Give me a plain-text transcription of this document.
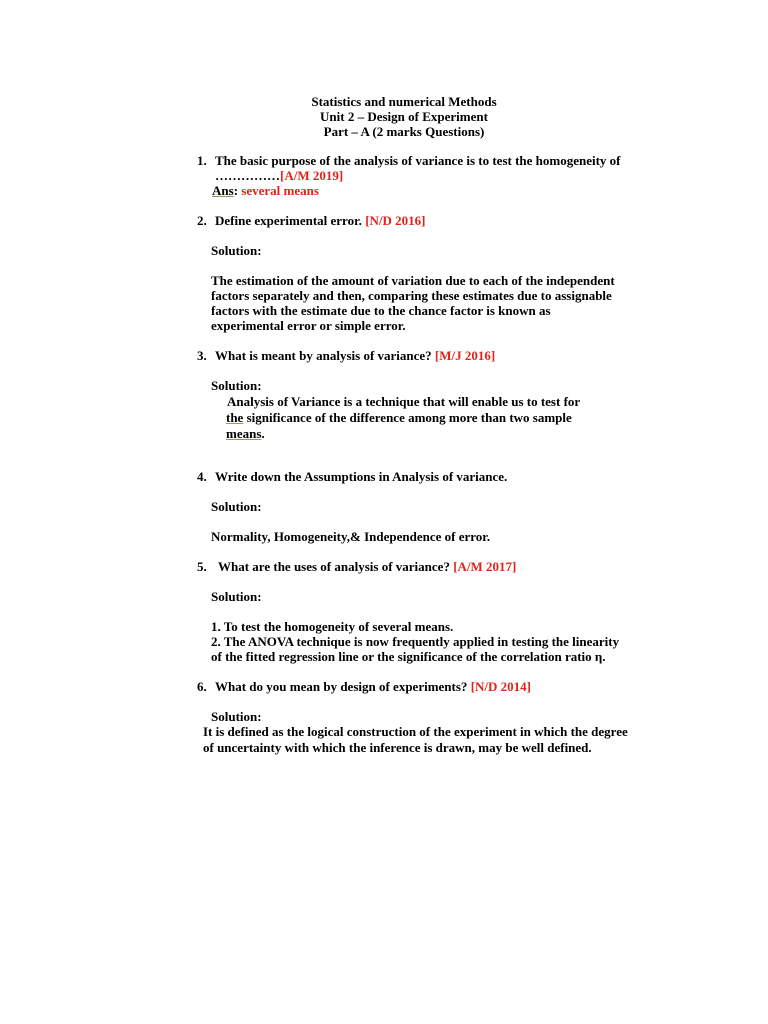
Statistics and numerical Methods
Unit 2 – Design of Experiment
Part – A (2 marks Questions)
1. The basic purpose of the analysis of variance is to test the homogeneity of
……………[A/M 2019]
Ans: several means
2. Define experimental error. [N/D 2016]
Solution:
The estimation of the amount of variation due to each of the independent
factors separately and then, comparing these estimates due to assignable
factors with the estimate due to the chance factor is known as
experimental error or simple error.
3. What is meant by analysis of variance? [M/J 2016]
Solution:
Analysis of Variance is a technique that will enable us to test for
the significance of the difference among more than two sample
means.
4. Write down the Assumptions in Analysis of variance.
Solution:
Normality, Homogeneity,& Independence of error.
5. What are the uses of analysis of variance? [A/M 2017]
Solution:
1. To test the homogeneity of several means.
2. The ANOVA technique is now frequently applied in testing the linearity
of the fitted regression line or the significance of the correlation ratio η.
6. What do you mean by design of experiments? [N/D 2014]
Solution:
It is defined as the logical construction of the experiment in which the degree
of uncertainty with which the inference is drawn, may be well defined.
